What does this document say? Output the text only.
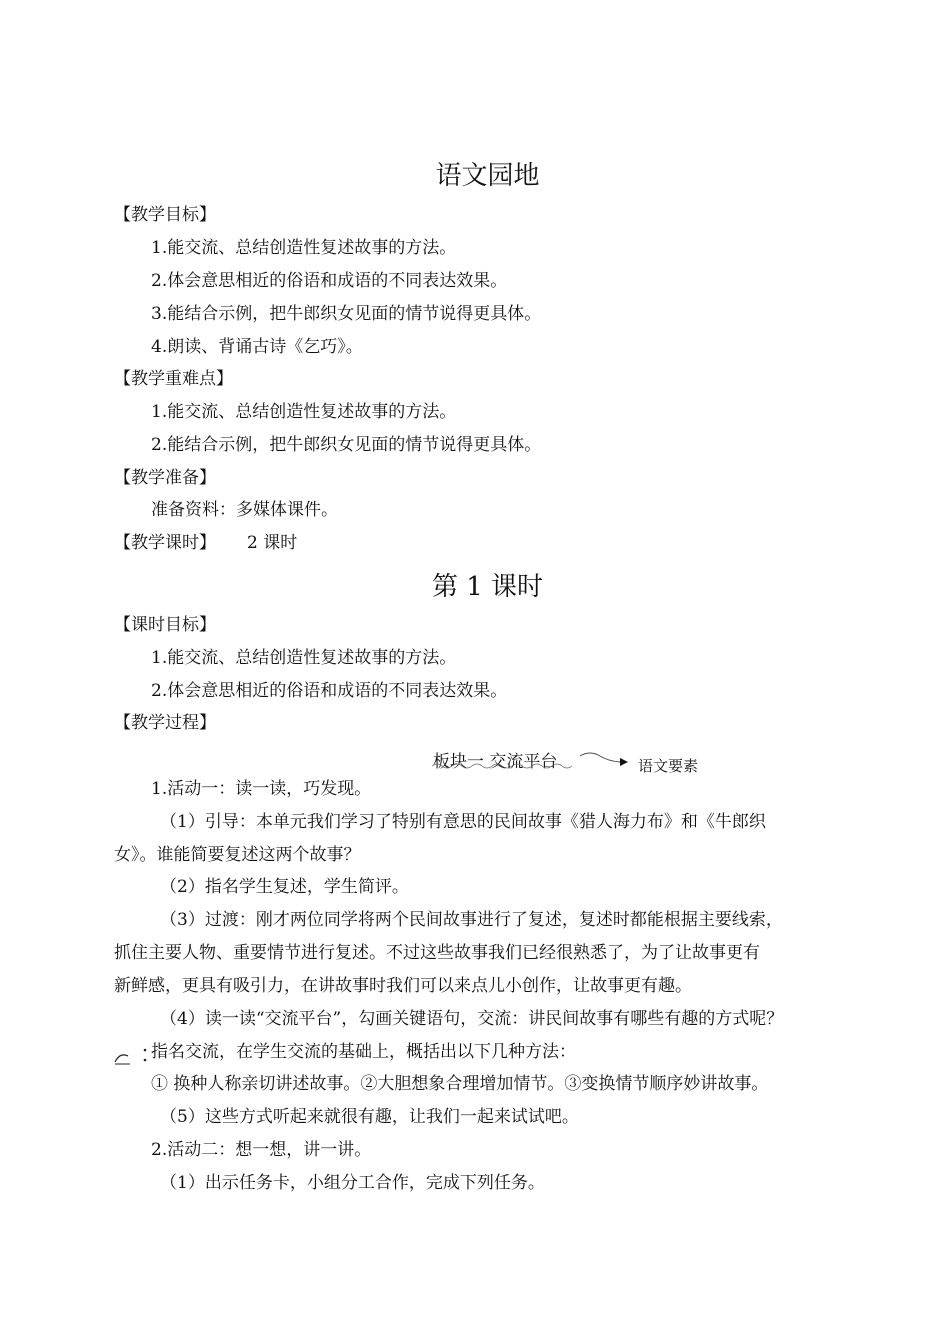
语文园地
【教学目标】
1.能交流、总结创造性复述故事的方法。
2.体会意思相近的俗语和成语的不同表达效果。
3.能结合示例，把牛郎织女见面的情节说得更具体。
4.朗读、背诵古诗《乞巧》。
【教学重难点】
1.能交流、总结创造性复述故事的方法。
2.能结合示例，把牛郎织女见面的情节说得更具体。
【教学准备】
准备资料：多媒体课件。
【教学课时】 2 课时
第 1 课时
【课时目标】
1.能交流、总结创造性复述故事的方法。
2.体会意思相近的俗语和成语的不同表达效果。
【教学过程】
板块一 交流平台	语文要素
1.活动一：读一读，巧发现。
（1）引导：本单元我们学习了特别有意思的民间故事《猎人海力布》和《牛郎织
女》。谁能简要复述这两个故事？
（2）指名学生复述，学生简评。
（3）过渡：刚才两位同学将两个民间故事进行了复述，复述时都能根据主要线索，
抓住主要人物、重要情节进行复述。不过这些故事我们已经很熟悉了，为了让故事更有
新鲜感，更具有吸引力，在讲故事时我们可以来点儿小创作，让故事更有趣。
（4）读一读“交流平台”，勾画关键语句，交流：讲民间故事有哪些有趣的方式呢？
指名交流，在学生交流的基础上，概括出以下几种方法：
① 换种人称亲切讲述故事。②大胆想象合理增加情节。③变换情节顺序妙讲故事。
（5）这些方式听起来就很有趣，让我们一起来试试吧。
2.活动二：想一想，讲一讲。
（1）出示任务卡，小组分工合作，完成下列任务。
